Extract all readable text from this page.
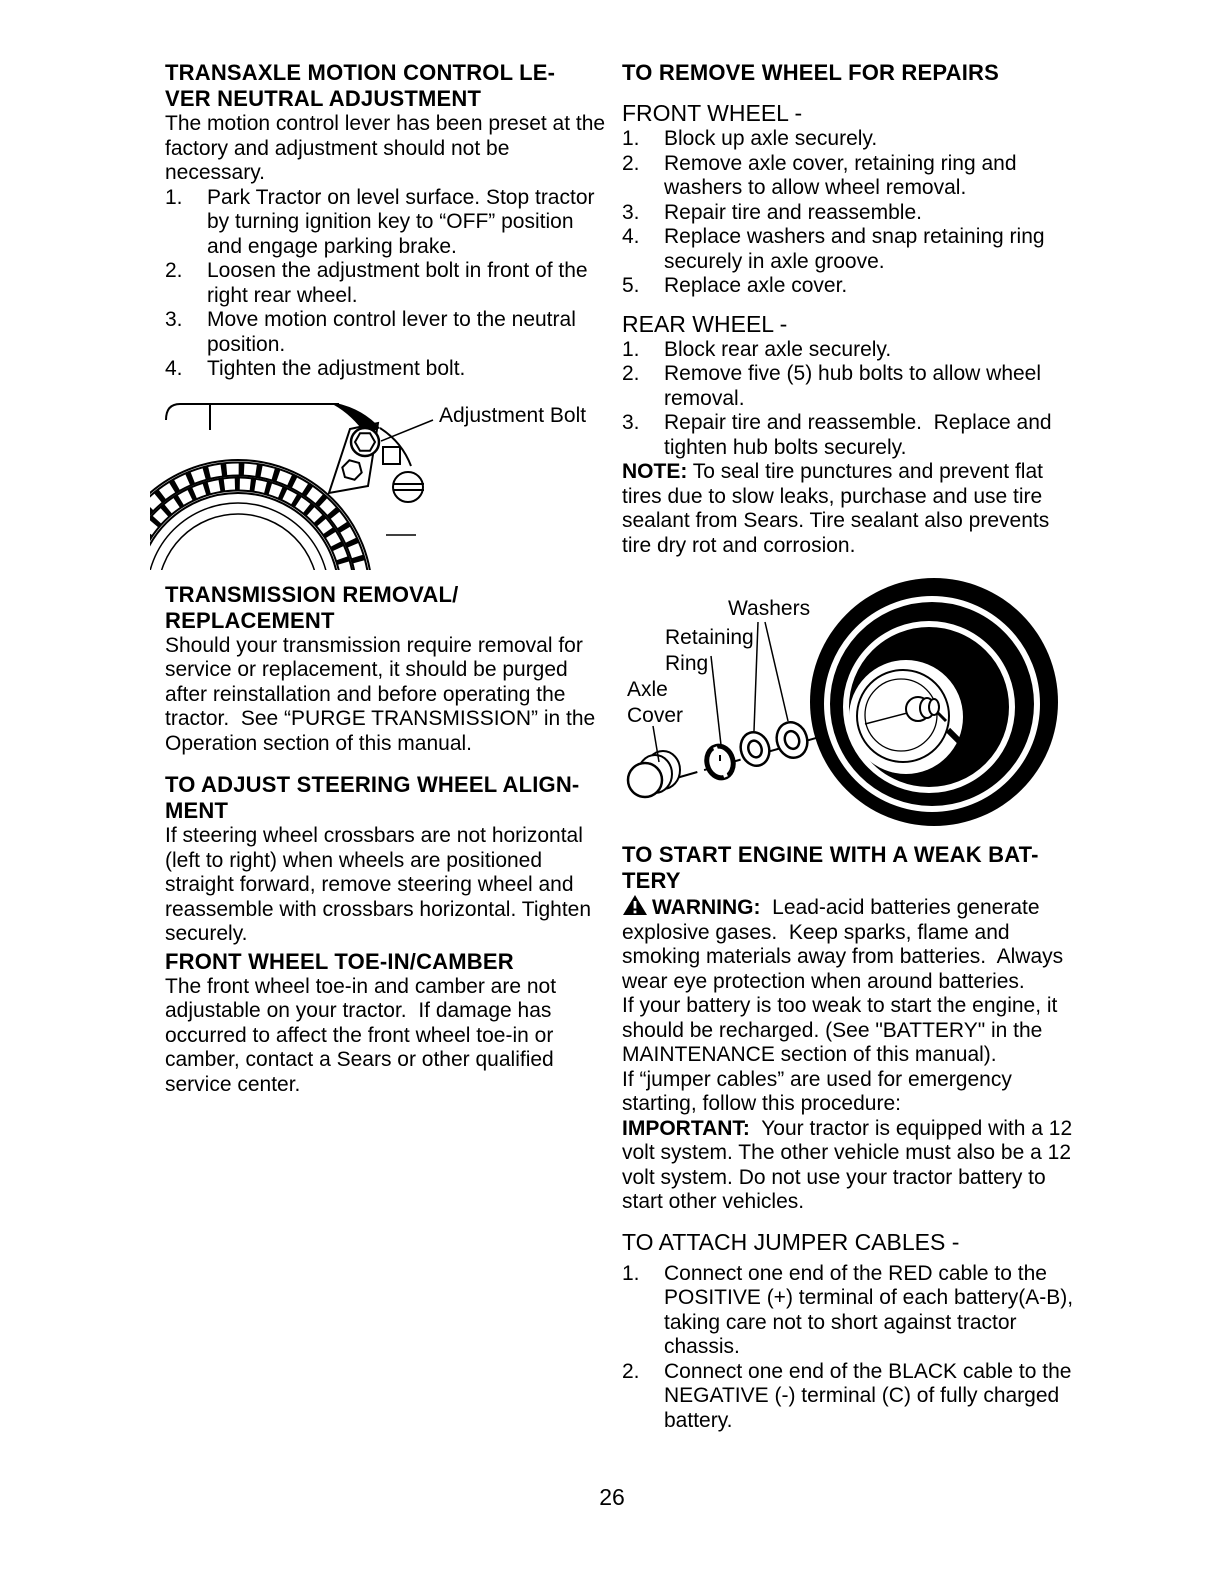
TRANSAXLE MOTION CONTROL LE-
VER NEUTRAL ADJUSTMENT

The motion control lever has been preset at the factory and adjustment should not be necessary.

1.	Park Tractor on level surface. Stop tractor by turning ignition key to “OFF” position and engage parking brake.
2.	Loosen the adjustment bolt in front of the right rear wheel.
3.	Move motion control lever to the neutral position.
4.	Tighten the adjustment bolt.
Adjustment Bolt
TRANSMISSION REMOVAL/
REPLACEMENT

Should your transmission require removal for service or replacement, it should be purged after reinstallation and before operating the tractor.  See “PURGE TRANSMISSION” in the Operation section of this manual.

TO ADJUST STEERING WHEEL ALIGN-
MENT

If steering wheel crossbars are not horizontal (left to right) when wheels are positioned straight forward, remove steering wheel and reassemble with crossbars horizontal. Tighten securely.

FRONT WHEEL TOE-IN/CAMBER

The front wheel toe-in and camber are not adjustable on your tractor.  If damage has occurred to affect the front wheel toe-in or camber, contact a Sears or other qualified service center.

TO REMOVE WHEEL FOR REPAIRS
FRONT WHEEL -
1.	Block up axle securely.
2.	Remove axle cover, retaining ring and washers to allow wheel removal.
3.	Repair tire and reassemble.
4.	Replace washers and snap retaining ring securely in axle groove.
5.	Replace axle cover.
REAR WHEEL -
1.	Block rear axle securely.
2.	Remove five (5) hub bolts to allow wheel removal.
3.	Repair tire and reassemble.  Replace and tighten hub bolts securely.

NOTE: To seal tire punctures and prevent flat tires due to slow leaks, purchase and use tire sealant from Sears. Tire sealant also prevents tire dry rot and corrosion.

Washers
Retaining
Ring
Axle
Cover
TO START ENGINE WITH A WEAK BAT-
TERY

WARNING:  Lead-acid batteries generate explosive gases.  Keep sparks, flame and smoking materials away from batteries.  Always wear eye protection when around batteries.

If your battery is too weak to start the engine, it should be recharged. (See "BATTERY" in the MAINTENANCE section of this manual).

If “jumper cables” are used for emergency starting, follow this procedure:

IMPORTANT:  Your tractor is equipped with a 12 volt system. The other vehicle must also be a 12 volt system. Do not use your tractor battery to start other vehicles.

TO ATTACH JUMPER CABLES -
1.	Connect one end of the RED cable to the POSITIVE (+) terminal of each battery(A-B), taking care not to short against tractor chassis.
2.	Connect one end of the BLACK cable to the NEGATIVE (-) terminal (C) of fully charged battery.
26
